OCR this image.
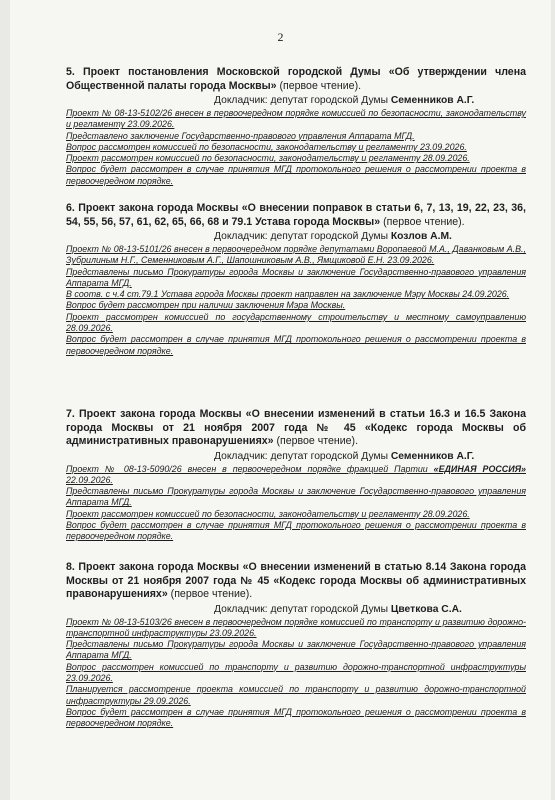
2
5. Проект постановления Московской городской Думы «Об утверждении члена Общественной палаты города Москвы» (первое чтение).
Докладчик: депутат городской Думы Семенников А.Г.
Проект № 08-13-5102/26 внесен в первоочередном порядке комиссией по безопасности, законодательству и регламенту 23.09.2026.
Представлено заключение Государственно-правового управления Аппарата МГД.
Вопрос рассмотрен комиссией по безопасности, законодательству и регламенту 23.09.2026.
Проект рассмотрен комиссией по безопасности, законодательству и регламенту 28.09.2026.
Вопрос будет рассмотрен в случае принятия МГД протокольного решения о рассмотрении проекта в первоочередном порядке.
6. Проект закона города Москвы «О внесении поправок в статьи 6, 7, 13, 19, 22, 23, 36, 54, 55, 56, 57, 61, 62, 65, 66, 68 и 79.1 Устава города Москвы» (первое чтение).
Докладчик: депутат городской Думы Козлов А.М.
Проект № 08-13-5101/26 внесен в первоочередном порядке депутатами Воропаевой М.А., Даванковым А.В., Зубрилиным Н.Г., Семенниковым А.Г., Шапошниковым А.В., Ямщиковой Е.Н. 23.09.2026.
Представлены письмо Прокуратуры города Москвы и заключение Государственно-правового управления Аппарата МГД.
В соотв. с ч.4 ст.79.1 Устава города Москвы проект направлен на заключение Мэру Москвы 24.09.2026.
Вопрос будет рассмотрен при наличии заключения Мэра Москвы.
Проект рассмотрен комиссией по государственному строительству и местному самоуправлению 28.09.2026.
Вопрос будет рассмотрен в случае принятия МГД протокольного решения о рассмотрении проекта в первоочередном порядке.
7. Проект закона города Москвы «О внесении изменений в статьи 16.3 и 16.5 Закона города Москвы от 21 ноября 2007 года № 45 «Кодекс города Москвы об административных правонарушениях» (первое чтение).
Докладчик: депутат городской Думы Семенников А.Г.
Проект № 08-13-5090/26 внесен в первоочередном порядке фракцией Партии «ЕДИНАЯ РОССИЯ» 22.09.2026.
Представлены письмо Прокуратуры города Москвы и заключение Государственно-правового управления Аппарата МГД.
Проект рассмотрен комиссией по безопасности, законодательству и регламенту 28.09.2026.
Вопрос будет рассмотрен в случае принятия МГД протокольного решения о рассмотрении проекта в первоочередном порядке.
8. Проект закона города Москвы «О внесении изменений в статью 8.14 Закона города Москвы от 21 ноября 2007 года № 45 «Кодекс города Москвы об административных правонарушениях» (первое чтение).
Докладчик: депутат городской Думы Цветкова С.А.
Проект № 08-13-5103/26 внесен в первоочередном порядке комиссией по транспорту и развитию дорожно-транспортной инфраструктуры 23.09.2026.
Представлены письмо Прокуратуры города Москвы и заключение Государственно-правового управления Аппарата МГД.
Вопрос рассмотрен комиссией по транспорту и развитию дорожно-транспортной инфраструктуры 23.09.2026.
Планируется рассмотрение проекта комиссией по транспорту и развитию дорожно-транспортной инфраструктуры 29.09.2026.
Вопрос будет рассмотрен в случае принятия МГД протокольного решения о рассмотрении проекта в первоочередном порядке.
